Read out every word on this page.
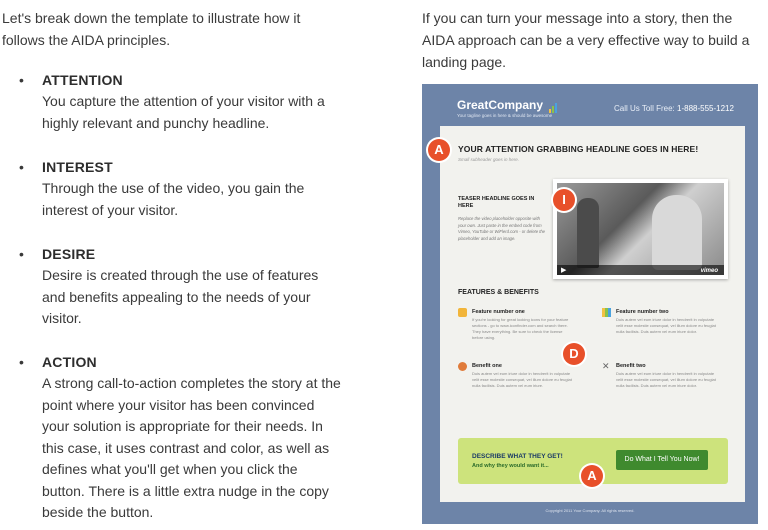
Let's break down the template to illustrate how it follows the AIDA principles.
• ATTENTION
You capture the attention of your visitor with a highly relevant and punchy headline.
• INTEREST
Through the use of the video, you gain the interest of your visitor.
• DESIRE
Desire is created through the use of features and benefits appealing to the needs of your visitor.
• ACTION
A strong call-to-action completes the story at the point where your visitor has been convinced your solution is appropriate for their needs. In this case, it uses contrast and color, as well as defines what you'll get when you click the button. There is a little extra nudge in the copy beside the button.
If you can turn your message into a story, then the AIDA approach can be a very effective way to build a landing page.
GreatCompany
Your tagline goes in here & should be awesome
Call Us Toll Free: 1-888-555-1212
YOUR ATTENTION GRABBING HEADLINE GOES IN HERE!
Small subheader goes in here.
TEASER HEADLINE GOES IN HERE
Replace the video placeholder opposite with your own. Just paste in the embed code from Vimeo, YouTube or WiFlerd.com - or delete the placeholder and add an image.
▶	vimeo
FEATURES & BENEFITS
Feature number one
If you're looking for great looking icons for your feature sections - go to www.iconfinder.com and search there. They have everything. Be sure to check the license before using.
Feature number two
Duis autem vel eum iriure dolor in hendrerit in vulputate velit esse molestie consequat, vel illum dolore eu feugiat nulla facilisis. Duis autem vel eum iriure dolor.
Benefit one
Duis autem vel eum iriure dolor in hendrerit in vulputate velit esse molestie consequat, vel illum dolore eu feugiat nulla facilisis. Duis autem vel eum iriure.
✕ Benefit two
Duis autem vel eum iriure dolor in hendrerit in vulputate velit esse molestie consequat, vel illum dolore eu feugiat nulla facilisis. Duis autem vel eum iriure dolor.
DESCRIBE WHAT THEY GET!
And why they would want it...
Do What I Tell You Now!
Copyright 2011 Your Company. All rights reserved.
A
I
D
A
